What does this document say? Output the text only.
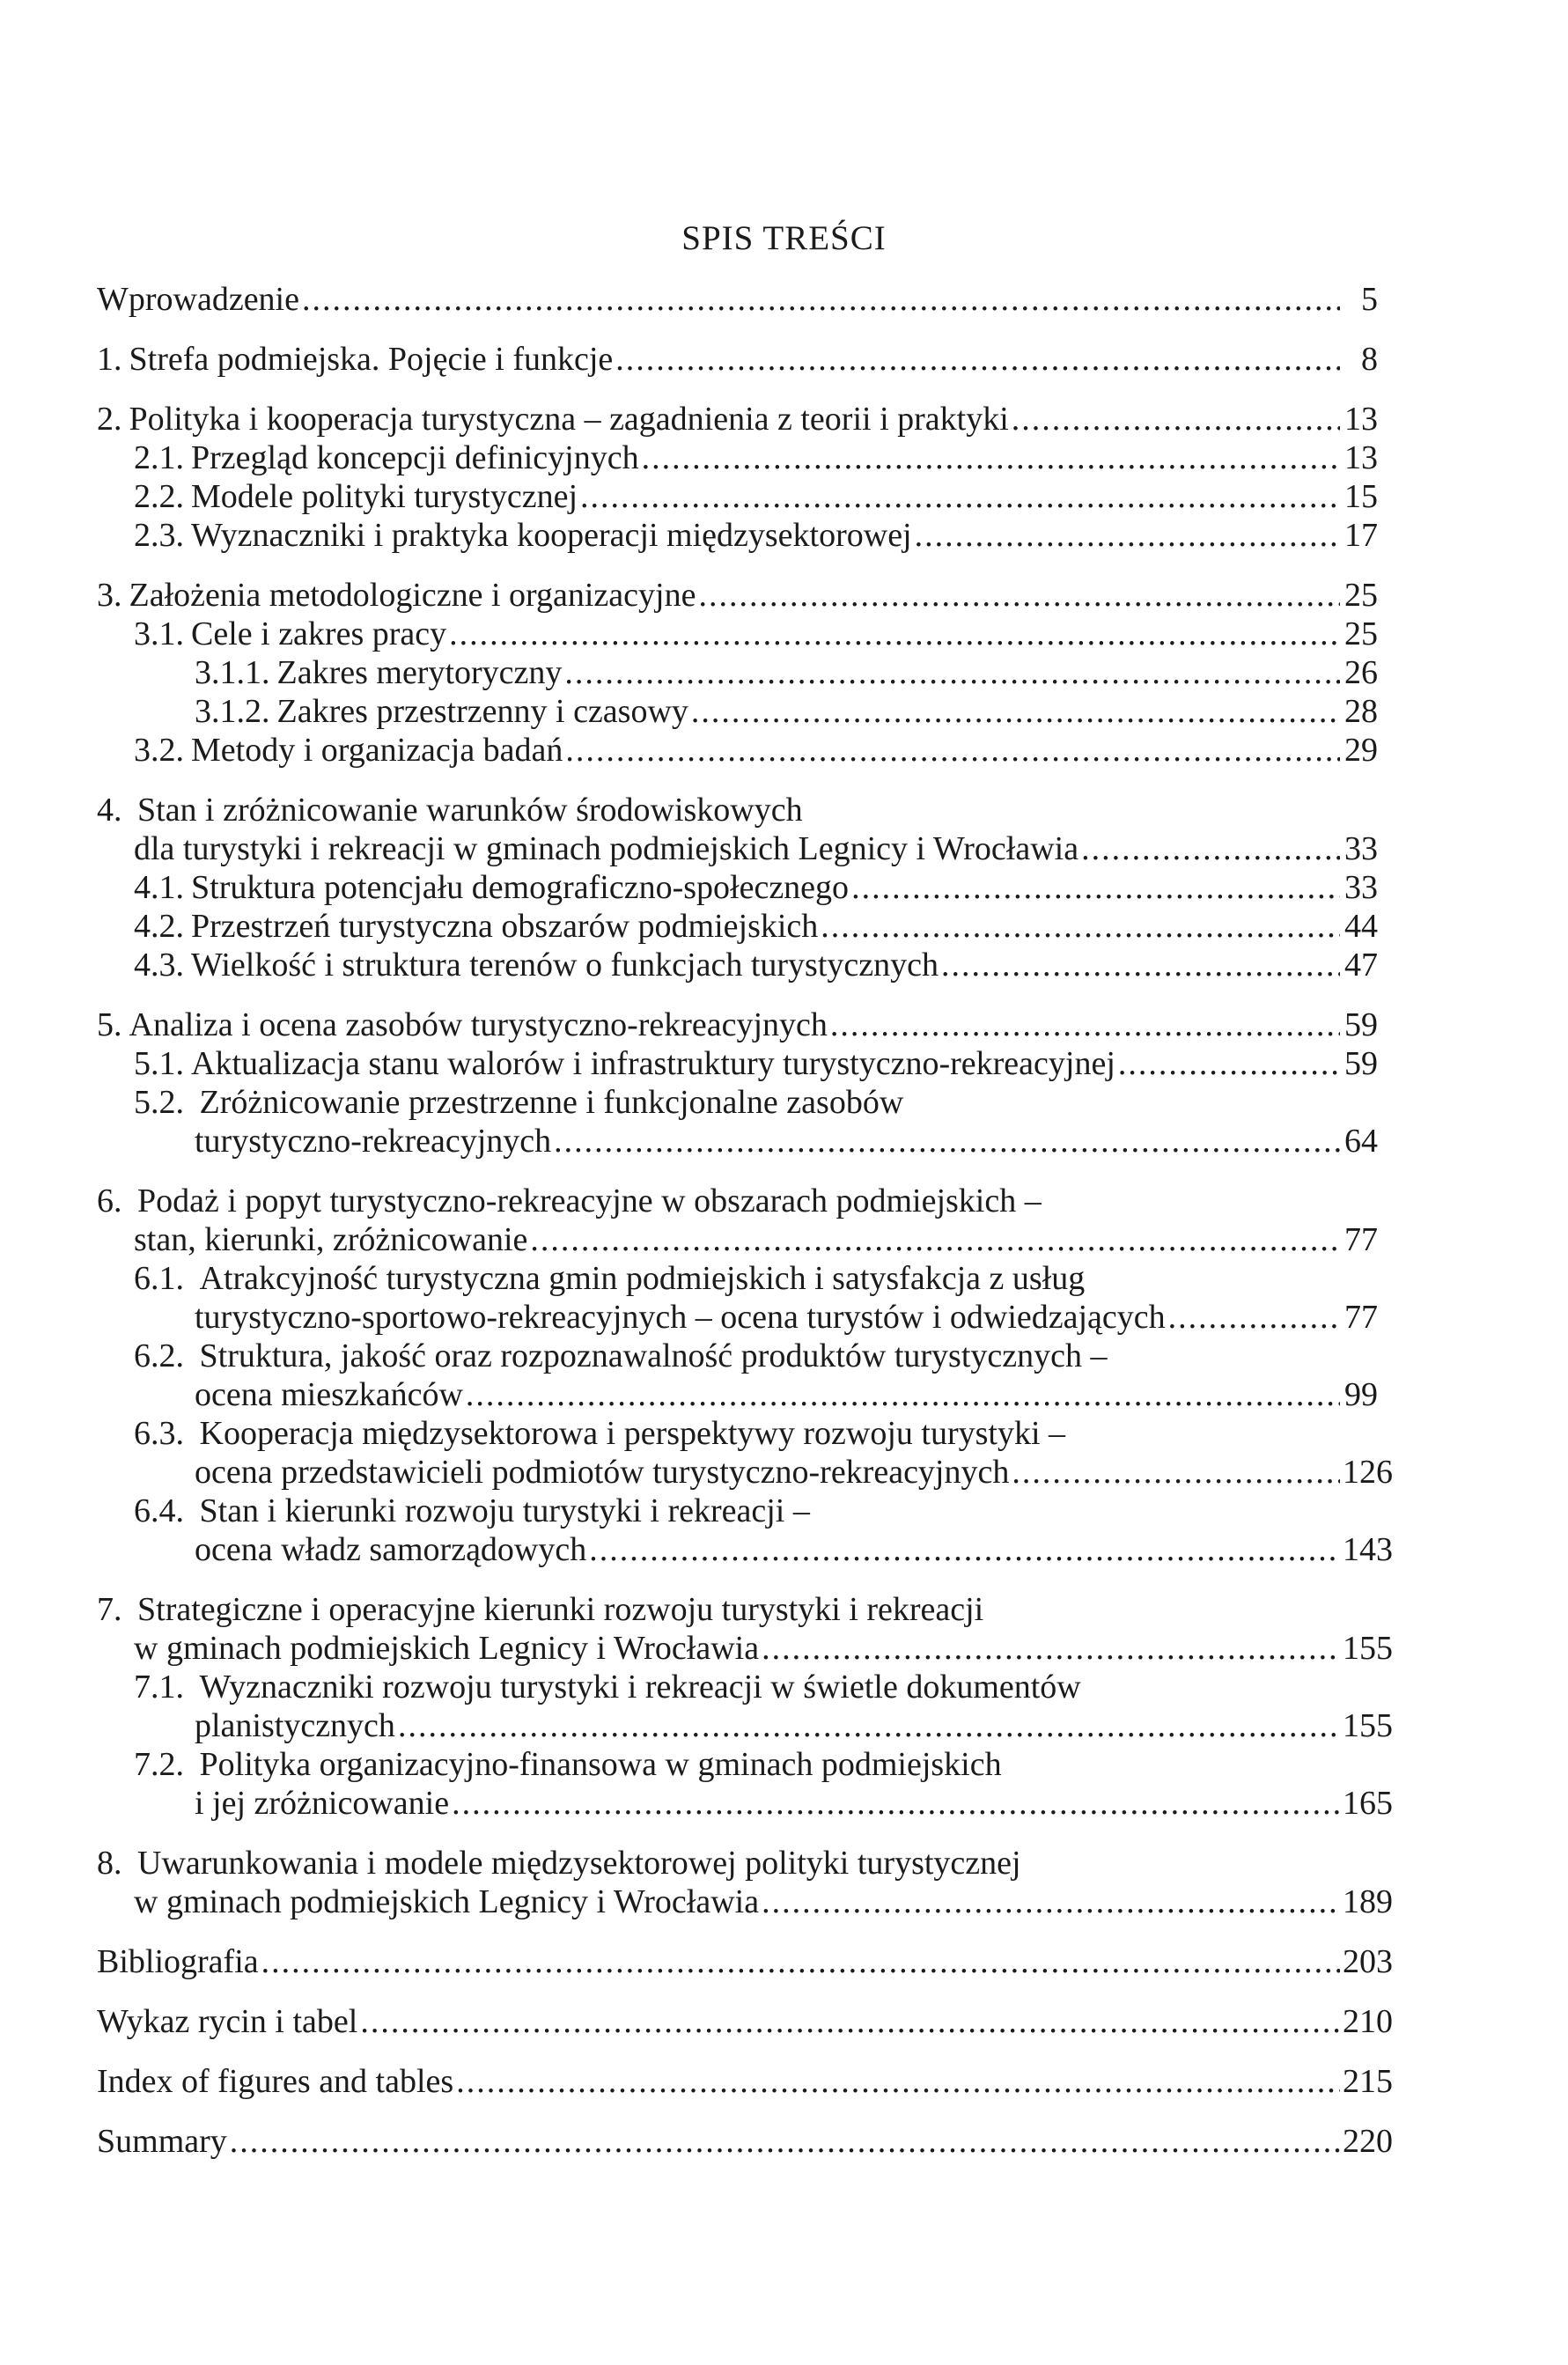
SPIS TREŚCI
Wprowadzenie .....	5
1. Strefa podmiejska. Pojęcie i funkcje .....	8
2. Polityka i kooperacja turystyczna – zagadnienia z teorii i praktyki .....	13
2.1. Przegląd koncepcji definicyjnych .....	13
2.2. Modele polityki turystycznej .....	15
2.3. Wyznaczniki i praktyka kooperacji międzysektorowej .....	17
3. Założenia metodologiczne i organizacyjne .....	25
3.1. Cele i zakres pracy .....	25
3.1.1. Zakres merytoryczny .....	26
3.1.2. Zakres przestrzenny i czasowy .....	28
3.2. Metody i organizacja badań .....	29
4. Stan i zróżnicowanie warunków środowiskowych
dla turystyki i rekreacji w gminach podmiejskich Legnicy i Wrocławia .....	33
4.1. Struktura potencjału demograficzno-społecznego .....	33
4.2. Przestrzeń turystyczna obszarów podmiejskich .....	44
4.3. Wielkość i struktura terenów o funkcjach turystycznych .....	47
5. Analiza i ocena zasobów turystyczno-rekreacyjnych .....	59
5.1. Aktualizacja stanu walorów i infrastruktury turystyczno-rekreacyjnej .....	59
5.2. Zróżnicowanie przestrzenne i funkcjonalne zasobów
turystyczno-rekreacyjnych .....	64
6. Podaż i popyt turystyczno-rekreacyjne w obszarach podmiejskich –
stan, kierunki, zróżnicowanie .....	77
6.1. Atrakcyjność turystyczna gmin podmiejskich i satysfakcja z usług
turystyczno-sportowo-rekreacyjnych – ocena turystów i odwiedzających .....	77
6.2. Struktura, jakość oraz rozpoznawalność produktów turystycznych –
ocena mieszkańców .....	99
6.3. Kooperacja międzysektorowa i perspektywy rozwoju turystyki –
ocena przedstawicieli podmiotów turystyczno-rekreacyjnych .....	126
6.4. Stan i kierunki rozwoju turystyki i rekreacji –
ocena władz samorządowych .....	143
7. Strategiczne i operacyjne kierunki rozwoju turystyki i rekreacji
w gminach podmiejskich Legnicy i Wrocławia .....	155
7.1. Wyznaczniki rozwoju turystyki i rekreacji w świetle dokumentów
planistycznych .....	155
7.2. Polityka organizacyjno-finansowa w gminach podmiejskich
i jej zróżnicowanie .....	165
8. Uwarunkowania i modele międzysektorowej polityki turystycznej
w gminach podmiejskich Legnicy i Wrocławia .....	189
Bibliografia .....	203
Wykaz rycin i tabel .....	210
Index of figures and tables .....	215
Summary .....	220
